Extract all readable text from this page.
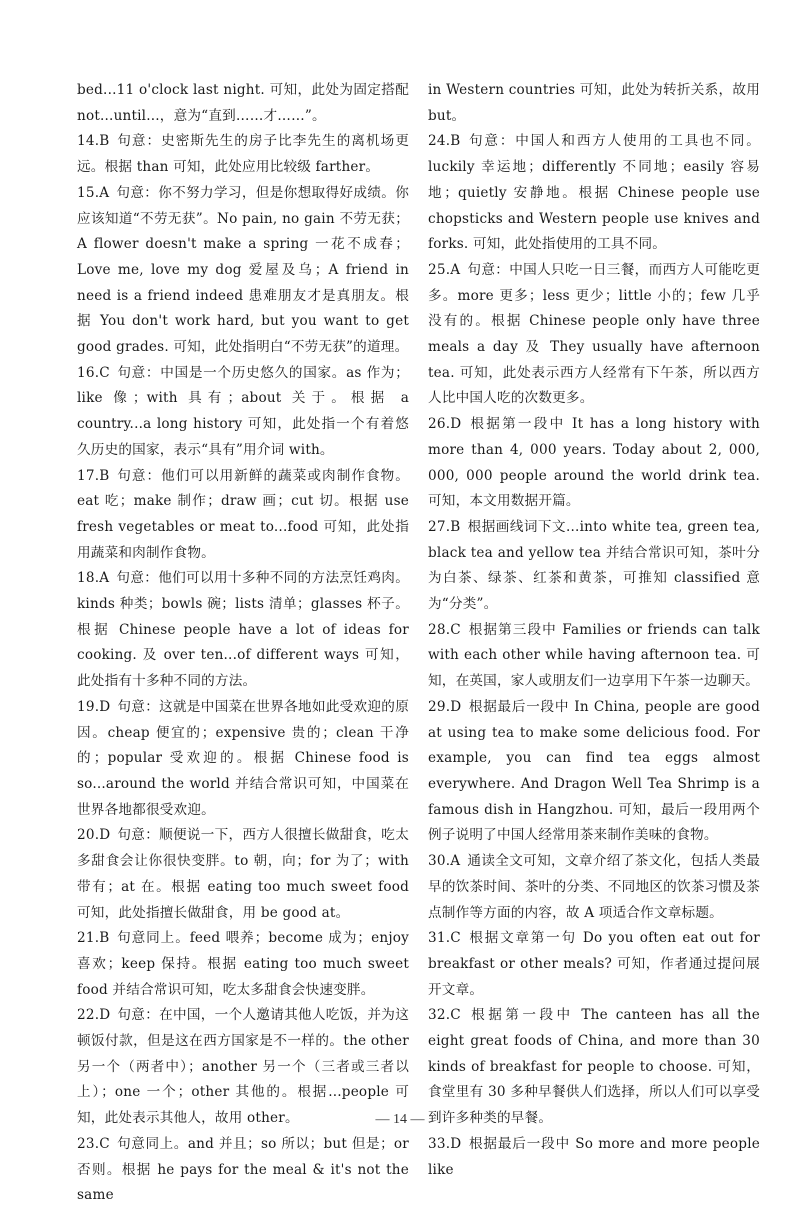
bed...11 o'clock last night. 可知，此处为固定搭配 not...until...，意为“直到……才……”。

14.B  句意：史密斯先生的房子比李先生的离机场更远。根据 than 可知，此处应用比较级 farther。

15.A  句意：你不努力学习，但是你想取得好成绩。你应该知道“不劳无获”。No pain, no gain 不劳无获；A flower doesn't make a spring 一花不成春；Love me, love my dog 爱屋及乌；A friend in need is a friend indeed 患难朋友才是真朋友。根据 You don't work hard, but you want to get good grades. 可知，此处指明白“不劳无获”的道理。

16.C  句意：中国是一个历史悠久的国家。as 作为；like 像；with 具有；about 关于。根据 a country...a long history 可知，此处指一个有着悠久历史的国家，表示“具有”用介词 with。

17.B  句意：他们可以用新鲜的蔬菜或肉制作食物。eat 吃；make 制作；draw 画；cut 切。根据 use fresh vegetables or meat to...food 可知，此处指用蔬菜和肉制作食物。

18.A  句意：他们可以用十多种不同的方法烹饪鸡肉。kinds 种类；bowls 碗；lists 清单；glasses 杯子。根据 Chinese people have a lot of ideas for cooking. 及 over ten...of different ways 可知，此处指有十多种不同的方法。

19.D  句意：这就是中国菜在世界各地如此受欢迎的原因。cheap 便宜的；expensive 贵的；clean 干净的；popular 受欢迎的。根据 Chinese food is so...around the world 并结合常识可知，中国菜在世界各地都很受欢迎。

20.D  句意：顺便说一下，西方人很擅长做甜食，吃太多甜食会让你很快变胖。to 朝，向；for 为了；with 带有；at 在。根据 eating too much sweet food 可知，此处指擅长做甜食，用 be good at。

21.B  句意同上。feed 喂养；become 成为；enjoy 喜欢；keep 保持。根据 eating too much sweet food 并结合常识可知，吃太多甜食会快速变胖。

22.D  句意：在中国，一个人邀请其他人吃饭，并为这顿饭付款，但是这在西方国家是不一样的。the other 另一个（两者中）；another 另一个（三者或三者以上）；one 一个；other 其他的。根据...people 可知，此处表示其他人，故用 other。

23.C  句意同上。and 并且；so 所以；but 但是；or 否则。根据 he pays for the meal & it's not the same

in Western countries 可知，此处为转折关系，故用 but。

24.B  句意：中国人和西方人使用的工具也不同。luckily 幸运地；differently 不同地；easily 容易地；quietly 安静地。根据 Chinese people use chopsticks and Western people use knives and forks. 可知，此处指使用的工具不同。

25.A  句意：中国人只吃一日三餐，而西方人可能吃更多。more 更多；less 更少；little 小的；few 几乎没有的。根据 Chinese people only have three meals a day 及 They usually have afternoon tea. 可知，此处表示西方人经常有下午茶，所以西方人比中国人吃的次数更多。

26.D  根据第一段中 It has a long history with more than 4, 000 years. Today about 2, 000, 000, 000 people around the world drink tea. 可知，本文用数据开篇。

27.B  根据画线词下文...into white tea, green tea, black tea and yellow tea 并结合常识可知，茶叶分为白茶、绿茶、红茶和黄茶，可推知 classified 意为“分类”。

28.C  根据第三段中 Families or friends can talk with each other while having afternoon tea. 可知，在英国，家人或朋友们一边享用下午茶一边聊天。

29.D  根据最后一段中 In China, people are good at using tea to make some delicious food. For example, you can find tea eggs almost everywhere. And Dragon Well Tea Shrimp is a famous dish in Hangzhou. 可知，最后一段用两个例子说明了中国人经常用茶来制作美味的食物。

30.A  通读全文可知，文章介绍了茶文化，包括人类最早的饮茶时间、茶叶的分类、不同地区的饮茶习惯及茶点制作等方面的内容，故 A 项适合作文章标题。

31.C  根据文章第一句 Do you often eat out for breakfast or other meals? 可知，作者通过提问展开文章。

32.C  根据第一段中 The canteen has all the eight great foods of China, and more than 30 kinds of breakfast for people to choose. 可知，食堂里有 30 多种早餐供人们选择，所以人们可以享受到许多种类的早餐。

33.D  根据最后一段中 So more and more people like

— 14 —
